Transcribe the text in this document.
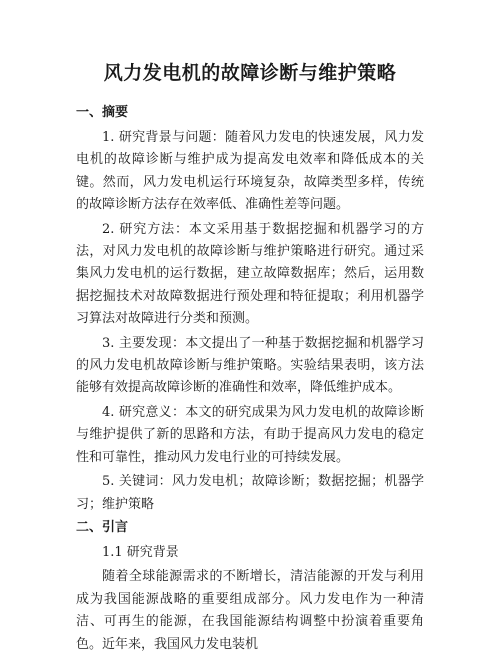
风力发电机的故障诊断与维护策略
一、摘要

1. 研究背景与问题：随着风力发电的快速发展，风力发电机的故障诊断与维护成为提高发电效率和降低成本的关键。然而，风力发电机运行环境复杂，故障类型多样，传统的故障诊断方法存在效率低、准确性差等问题。

2. 研究方法：本文采用基于数据挖掘和机器学习的方法，对风力发电机的故障诊断与维护策略进行研究。通过采集风力发电机的运行数据，建立故障数据库；然后，运用数据挖掘技术对故障数据进行预处理和特征提取；利用机器学习算法对故障进行分类和预测。

3. 主要发现：本文提出了一种基于数据挖掘和机器学习的风力发电机故障诊断与维护策略。实验结果表明，该方法能够有效提高故障诊断的准确性和效率，降低维护成本。

4. 研究意义：本文的研究成果为风力发电机的故障诊断与维护提供了新的思路和方法，有助于提高风力发电的稳定性和可靠性，推动风力发电行业的可持续发展。

5. 关键词：风力发电机；故障诊断；数据挖掘；机器学习；维护策略

二、引言

1.1 研究背景

随着全球能源需求的不断增长，清洁能源的开发与利用成为我国能源战略的重要组成部分。风力发电作为一种清洁、可再生的能源，在我国能源结构调整中扮演着重要角色。近年来，我国风力发电装机
